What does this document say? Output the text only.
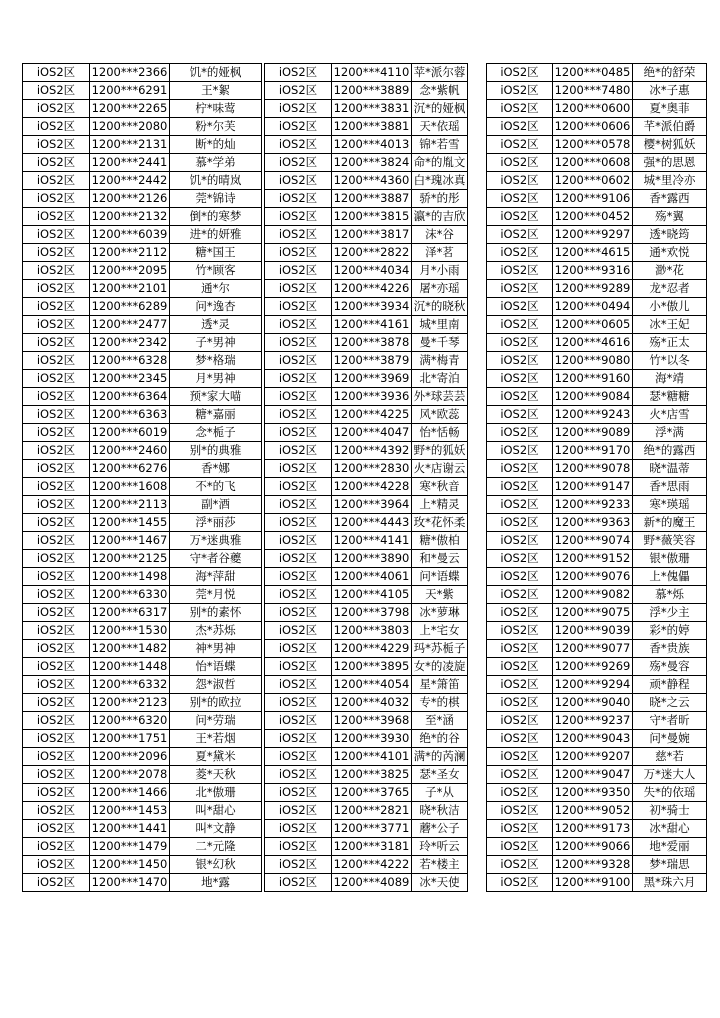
iOS2区	1200***2366	饥*的娅枫
iOS2区	1200***6291	王*絮
iOS2区	1200***2265	柠*味莺
iOS2区	1200***2080	粉*尔芙
iOS2区	1200***2131	断*的灿
iOS2区	1200***2441	慕*学弟
iOS2区	1200***2442	饥*的晴岚
iOS2区	1200***2126	莞*锦诗
iOS2区	1200***2132	倒*的寒梦
iOS2区	1200***6039	进*的妍雅
iOS2区	1200***2112	糖*国王
iOS2区	1200***2095	竹*顾客
iOS2区	1200***2101	通*尔
iOS2区	1200***6289	问*逸杏
iOS2区	1200***2477	透*灵
iOS2区	1200***2342	子*男神
iOS2区	1200***6328	梦*格瑞
iOS2区	1200***2345	月*男神
iOS2区	1200***6364	预*家大喵
iOS2区	1200***6363	糖*嘉丽
iOS2区	1200***6019	念*栀子
iOS2区	1200***2460	别*的典雅
iOS2区	1200***6276	香*娜
iOS2区	1200***1608	不*的飞
iOS2区	1200***2113	副*酒
iOS2区	1200***1455	浮*丽莎
iOS2区	1200***1467	万*迷典雅
iOS2区	1200***2125	守*者谷夔
iOS2区	1200***1498	海*萍甜
iOS2区	1200***6330	莞*月悦
iOS2区	1200***6317	别*的素怀
iOS2区	1200***1530	杰*苏烁
iOS2区	1200***1482	神*男神
iOS2区	1200***1448	怡*语蝶
iOS2区	1200***6332	怨*淑哲
iOS2区	1200***2123	别*的欧拉
iOS2区	1200***6320	问*劳瑞
iOS2区	1200***1751	王*若烟
iOS2区	1200***2096	夏*黛米
iOS2区	1200***2078	菱*天秋
iOS2区	1200***1466	北*傲珊
iOS2区	1200***1453	叫*甜心
iOS2区	1200***1441	叫*文静
iOS2区	1200***1479	二*元隆
iOS2区	1200***1450	银*幻秋
iOS2区	1200***1470	地*露
iOS2区	1200***4110	苹*派尔蓉
iOS2区	1200***3889	念*紫帆
iOS2区	1200***3831	沉*的娅枫
iOS2区	1200***3881	天*依瑶
iOS2区	1200***4013	锦*若雪
iOS2区	1200***3824	命*的胤文
iOS2区	1200***4360	白*瑰冰真
iOS2区	1200***3887	骄*的彤
iOS2区	1200***3815	瀛*的吉欣
iOS2区	1200***3817	沫*谷
iOS2区	1200***2822	泽*茗
iOS2区	1200***4034	月*小雨
iOS2区	1200***4226	屠*亦瑶
iOS2区	1200***3934	沉*的晓秋
iOS2区	1200***4161	城*里南
iOS2区	1200***3878	曼*千琴
iOS2区	1200***3879	满*梅青
iOS2区	1200***3969	北*寄泊
iOS2区	1200***3936	外*球芸芸
iOS2区	1200***4225	风*欧蕊
iOS2区	1200***4047	怡*恬畅
iOS2区	1200***4392	野*的狐妖
iOS2区	1200***2830	火*店谢云
iOS2区	1200***4228	寒*秋音
iOS2区	1200***3964	上*精灵
iOS2区	1200***4443	玫*花怀柔
iOS2区	1200***4141	糖*傲柏
iOS2区	1200***3890	和*曼云
iOS2区	1200***4061	问*语蝶
iOS2区	1200***4105	天*紫
iOS2区	1200***3798	冰*萝琳
iOS2区	1200***3803	上*宅女
iOS2区	1200***4229	玛*苏栀子
iOS2区	1200***3895	女*的凌旋
iOS2区	1200***4054	星*箫笛
iOS2区	1200***4032	专*的棋
iOS2区	1200***3968	至*涵
iOS2区	1200***3930	绝*的谷
iOS2区	1200***4101	满*的芮澜
iOS2区	1200***3825	瑟*圣女
iOS2区	1200***3765	子*从
iOS2区	1200***2821	晓*秋洁
iOS2区	1200***3771	蘑*公子
iOS2区	1200***3181	玲*听云
iOS2区	1200***4222	若*楼主
iOS2区	1200***4089	冰*天使
iOS2区	1200***0485	绝*的舒荣
iOS2区	1200***7480	冰*子惠
iOS2区	1200***0600	夏*奥菲
iOS2区	1200***0606	芊*派伯爵
iOS2区	1200***0578	樱*树狐妖
iOS2区	1200***0608	强*的思恩
iOS2区	1200***0602	城*里冷亦
iOS2区	1200***9106	香*露西
iOS2区	1200***0452	殇*翼
iOS2区	1200***9297	透*晓筠
iOS2区	1200***4615	通*欢悦
iOS2区	1200***9316	渺*花
iOS2区	1200***9289	龙*忍者
iOS2区	1200***0494	小*傲儿
iOS2区	1200***0605	冰*王妃
iOS2区	1200***4616	殇*正太
iOS2区	1200***9080	竹*以冬
iOS2区	1200***9160	海*靖
iOS2区	1200***9084	瑟*糖糖
iOS2区	1200***9243	火*店雪
iOS2区	1200***9089	浮*满
iOS2区	1200***9170	绝*的露西
iOS2区	1200***9078	晓*温蒂
iOS2区	1200***9147	香*思雨
iOS2区	1200***9233	寒*瑛瑶
iOS2区	1200***9363	新*的魔王
iOS2区	1200***9074	野*薇笑容
iOS2区	1200***9152	银*傲珊
iOS2区	1200***9076	上*傀儡
iOS2区	1200***9082	慕*烁
iOS2区	1200***9075	浮*少主
iOS2区	1200***9039	彩*的婷
iOS2区	1200***9077	香*贵族
iOS2区	1200***9269	殇*曼容
iOS2区	1200***9294	顽*静程
iOS2区	1200***9040	晓*之云
iOS2区	1200***9237	守*者昕
iOS2区	1200***9043	问*曼婉
iOS2区	1200***9207	慈*若
iOS2区	1200***9047	万*迷大人
iOS2区	1200***9350	失*的依瑶
iOS2区	1200***9052	初*骑士
iOS2区	1200***9173	冰*甜心
iOS2区	1200***9066	地*爱丽
iOS2区	1200***9328	梦*瑞思
iOS2区	1200***9100	黑*珠六月
